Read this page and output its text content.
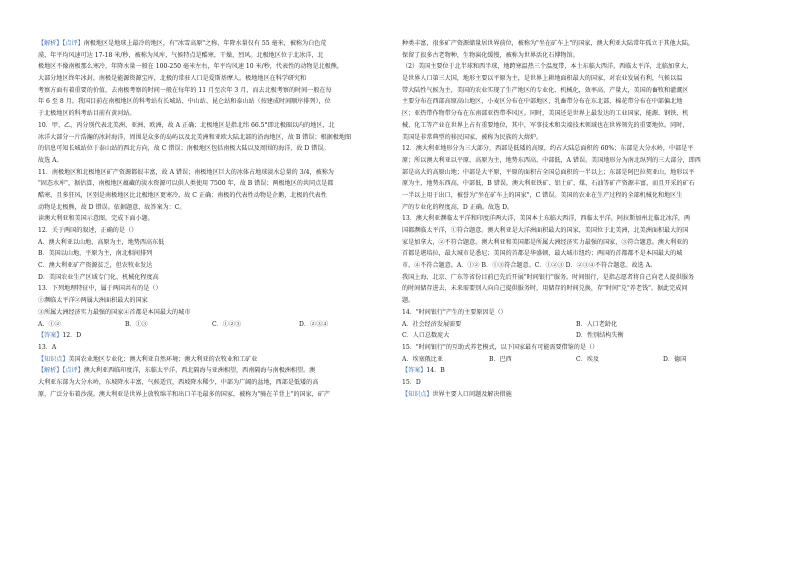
【解析】【点评】南极地区是地球上最冷的地区，有"冰雪高原"之称，年降水量仅有 55 毫米，被称为白色荒
漠，年平均风速可达 17-18 米/秒，被称为风库，气候特点是酷寒，干燥，烈风。北极地区位于北冰洋，北
极地区不像南极那么寒冷，年降水量一般在 100-250 毫米左右，年平均风速 10 米/秒，代表性的动物是北极熊，
大部分地区终年冰封，南极是能源资源宝库，北极的常驻人口是爱斯基摩人。极地地区在科学研究和
考察方面有着重要的价值，去南极考察的时间一般在每年的 11 月至次年 3 月，而去北极考察的时间一般在每
年 6 至 8 月。我国目前在南极地区的科考站有长城站、中山站、昆仑站和泰山站（按建成时间顺序排列），位
于北极地区的科考站目前有黄河站。
10．甲、乙、丙分别代表北美洲、亚洲、欧洲，故 A 正确；北极地区是指北纬 66.5°即北极圈以内的地区，北
冰洋大部分一片浩瀚的冰封海洋，周围是众多的岛屿以及北美洲和亚欧大陆北部的沿海地区，故 B 错误；根据极地图
的信息可知长城站位于泰山站的西北方向，故 C 错误；南极地区包括南极大陆以及周围的海洋，故 D 错误。
故选 A。
11．南极地区和北极地区矿产资源都很丰富，故 A 错误；南极地区巨大的冰体占地球淡水总量的 3/4，被称为
"固态水库"，据估算，南极地区蕴藏的淡水资源可以供人类使用 7500 年，故 B 错误；两极地区的共同点是都
酷寒，且多狂风，区别是南极地区比北极地区更寒冷，故 C 正确；南极的代表性动物是企鹅，北极的代表性
动物是北极熊，故 D 错误。依据题意，故答案为：C。
读澳大利亚和美国示意图，完成下面小题。
12．关于两国的叙述，正确的是（）
A．澳大利亚以山地、高原为主，地势西高东低
B．美国以山地、平原为主，南北相间排列
C．澳大利亚矿产资源贫乏，但农牧业发达
D．美国农业生产区域专门化、机械化程度高
13．下列地理特征中，属于两国共有的是（）
①濒临太平洋②两属大洲面积最大的国家
③所属大洲经济实力最强的国家④首都是本国最大的城市
A．①②	B．①③	C．①②③	D．②③④
【答案】12．D
13．A
【知识点】美国农业地区专业化；澳大利亚自然环境；澳大利亚的农牧业和工矿业
【解析】【点评】澳大利亚西临印度洋，东临太平洋，西北隔海与亚洲相望，西南隔海与南极洲相望。澳
大利亚东部为大分水岭，东坡降水丰富，气候适宜，西坡降水稀少，中部为广阔的盆地，西部是低矮的高
原，广泛分布着沙漠。澳大利亚是世界上放牧绵羊和出口羊毛最多的国家，被称为"骑在羊背上"的国家，矿产
种类丰富，很多矿产资源储量居世界前位，被称为"坐在矿车上"的国家，澳大利亚大陆常年孤立于其他大陆，
保留了很多古老物种，生物演化缓慢，被称为世界活化石博物馆。
（2）美国主要位于北半球和西半球，地跨寒温热三个温度带，本土东临大西洋，西临太平洋，北临加拿大，
是世界人口第三大国，地形主要以平原为主，是世界上耕地面积最大的国家，对农业发展有利，气候以温
带大陆性气候为主，美国的农业实现了生产地区的专业化、机械化，效率高，产量大，美国的畜牧和灌溉区
主要分布在西部高原高山地区，小麦区分布在中部地区，乳畜带分布在东北部，棉花带分布在中部偏北地
区；亚热带作物带分布在东南部亚热带季风区。同时，美国还是世界上最发达的工业国家，能源、钢铁、机
械、化工等产业在世界上占有重要地位，其中，军事技术和尖端技术领域也在世界领先的重要地位。同时，
美国是非常典型的移民国家，被称为民族的大熔炉。
12．澳大利亚地形分为三大部分，西部是低矮的高原，约占大陆总面积的 60%；东部是大分水岭，中部是平
原；所以澳大利亚以平原、高原为主，地势东西高、中部低，A 错误。美国地形分为南北纵列的三大部分，即西
部是高大的高原山地；中部是大平原，平原的面积占全国总面积的一半以上；东部是阿巴拉契亚山，地形以平
原为主，地势东西高，中部低，B 错误。澳大利亚铁矿、铝土矿、煤、石油等矿产资源丰富，而且开采的矿石
一半以上用于出口，被誉为"坐在矿车上的国家"，C 错误。美国的农业在生产过程的全部机械化和地区生
产的专业化的程度高，D 正确。故选 D。
13．澳大利亚濒临太平洋和印度洋两大洋，美国本土东临大西洋，西临太平洋，阿拉斯加州北临北冰洋，两
国都濒临太平洋，①符合题意。澳大利亚是大洋洲面积最大的国家，美国位于北美洲，北美洲面积最大的国
家是加拿大，②不符合题意。澳大利亚和美国都是所属大洲经济实力最强的国家，③符合题意。澳大利亚的
首都是堪培拉，最大城市是悉尼；美国的首都是华盛顿，最大城市纽约；两国的首都都不是本国最大的城
市，④不符合题意。A．①② B．①③符合题意。C．①②③ D．②③④不符合题意。故选 A。
我国上海、北京、广东等省份目前已先后开展"时间银行"服务。时间银行，是指志愿者将自己向老人提供服务
的时间储存进去，未来需要别人向自己提供服务时，用储存的时间兑换，存"时间"兑"养老钱"。据此完成问
题。
14．"时间银行"产生的主要原因是（）
A．社会经济发展需要	B．人口老龄化
C．人口总数庞大	D．性别结构失衡
15．"时间银行"的互助式养老模式，以下国家最有可能需要借鉴的是（）
A．埃塞俄比亚	B．巴西	C．埃及	D．德国
【答案】14．B
15．D
【知识点】世界主要人口问题及解决措施
